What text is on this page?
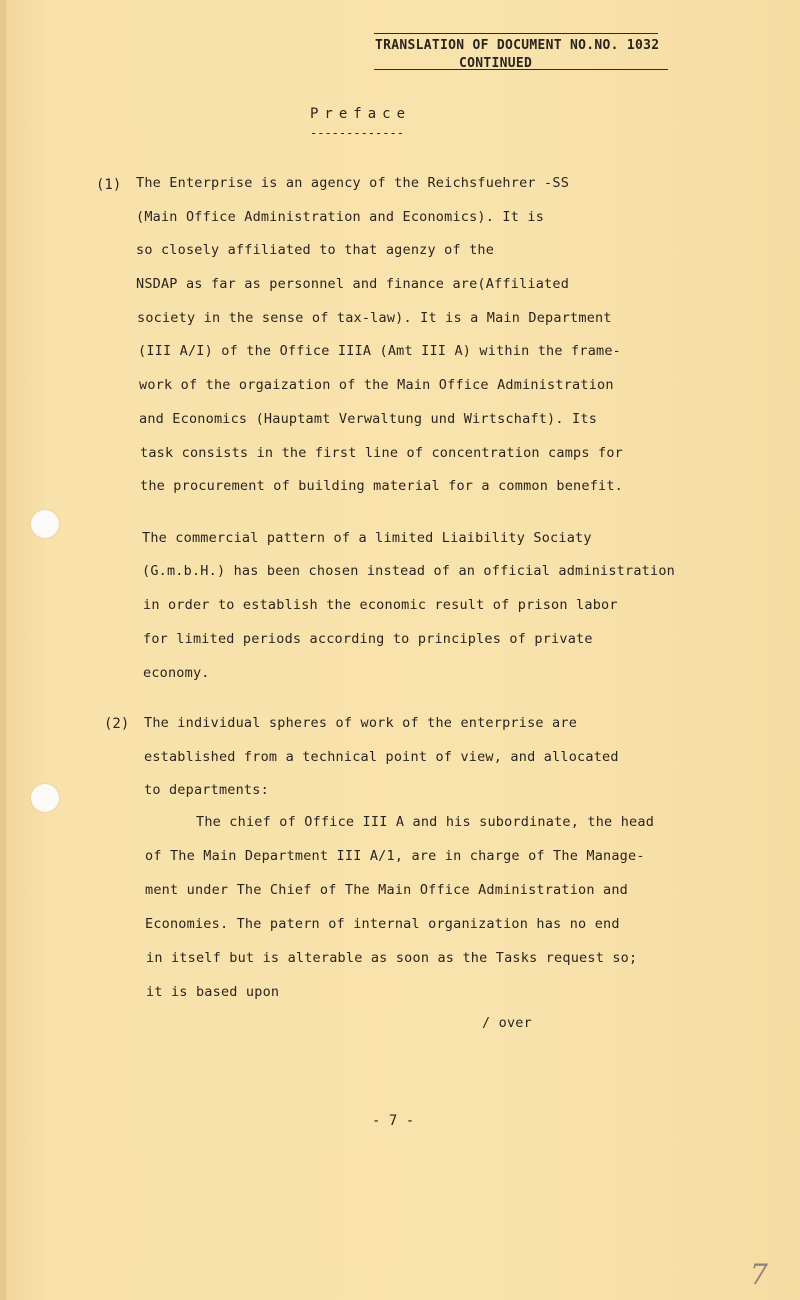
TRANSLATION OF DOCUMENT NO.NO. 1032
CONTINUED
Preface
-------------
(1) The Enterprise is an agency of the Reichsfuehrer -SS
(Main Office Administration and Economics). It is
so closely affiliated to that agenzy of the
NSDAP as far as personnel and finance are(Affiliated
society in the sense of tax-law). It is a Main Department
(III A/I) of the Office IIIA (Amt III A) within the frame-
work of the orgaization of the Main Office Administration
and Economics (Hauptamt Verwaltung und Wirtschaft). Its
task consists in the first line of concentration camps for
the procurement of building material for a common benefit.
The commercial pattern of a limited Liaibility Sociaty
(G.m.b.H.) has been chosen instead of an official administration
in order to establish the economic result of prison labor
for limited periods according to principles of private
economy.
(2) The individual spheres of work of the enterprise are
established from a technical point of view, and allocated
to departments:
The chief of Office III A and his subordinate, the head
of The Main Department III A/1, are in charge of The Manage-
ment under The Chief of The Main Office Administration and
Economies. The patern of internal organization has no end
in itself but is alterable as soon as the Tasks request so;
it is based upon
/ over
- 7 -
7
